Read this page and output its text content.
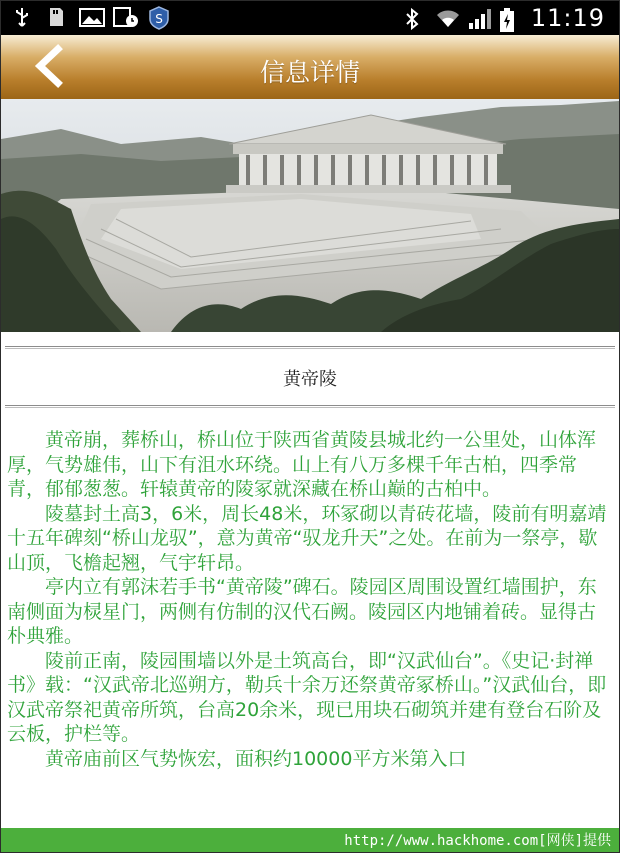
S	11:19
信息详情
黄帝陵

黄帝崩，葬桥山，桥山位于陕西省黄陵县城北约一公里处，山体浑厚，气势雄伟，山下有沮水环绕。山上有八万多棵千年古柏，四季常青，郁郁葱葱。轩辕黄帝的陵冢就深藏在桥山巅的古柏中。

陵墓封土高3，6米，周长48米，环冢砌以青砖花墙，陵前有明嘉靖十五年碑刻“桥山龙驭”，意为黄帝“驭龙升天”之处。在前为一祭亭，歇山顶，飞檐起翘，气宇轩昂。

亭内立有郭沫若手书“黄帝陵”碑石。陵园区周围设置红墙围护，东南侧面为棂星门，两侧有仿制的汉代石阙。陵园区内地铺着砖。显得古朴典雅。

陵前正南，陵园围墙以外是土筑高台，即“汉武仙台”。《史记·封禅书》载：“汉武帝北巡朔方，勒兵十余万还祭黄帝冢桥山。”汉武仙台，即汉武帝祭祀黄帝所筑，台高20余米，现已用块石砌筑并建有登台石阶及云板，护栏等。

黄帝庙前区气势恢宏，面积约10000平方米第入口

http://www.hackhome.com[网侠]提供
